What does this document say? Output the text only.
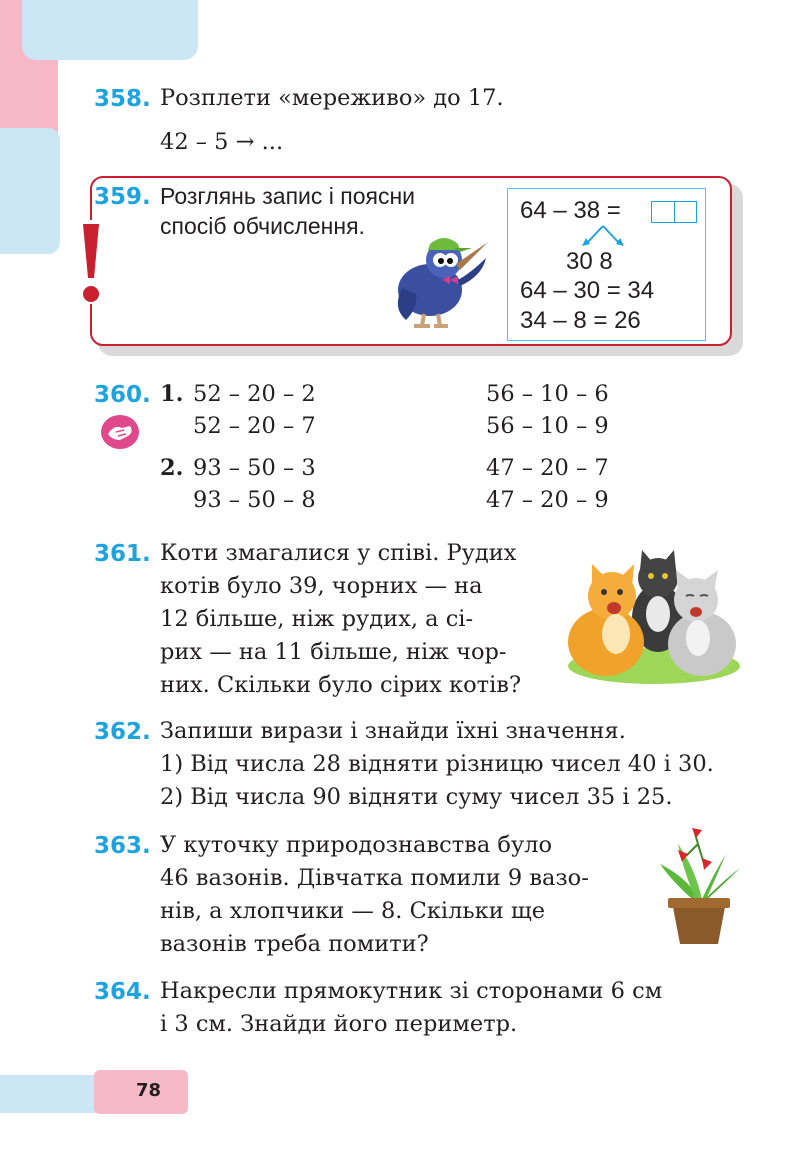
358. Розплети «мереживо» до 17.
42 – 5 → ...
359. Розглянь запис і поясни
спосіб обчислення.
64 – 38 =
30 8
64 – 30 = 34
34 – 8 = 26
360. 1.
2.
52 – 20 – 2	56 – 10 – 6
52 – 20 – 7	56 – 10 – 9
93 – 50 – 3	47 – 20 – 7
93 – 50 – 8	47 – 20 – 9
361. Коти змагалися у співі. Рудих
котів було 39, чорних — на
12 більше, ніж рудих, а сі-
рих — на 11 більше, ніж чор-
них. Скільки було сірих котів?
362. Запиши вирази і знайди їхні значення.
1) Від числа 28 відняти різницю чисел 40 і 30.
2) Від числа 90 відняти суму чисел 35 і 25.
363. У куточку природознавства було
46 вазонів. Дівчатка помили 9 вазо-
нів, а хлопчики — 8. Скільки ще
вазонів треба помити?
364. Накресли прямокутник зі сторонами 6 см
і 3 см. Знайди його периметр.
78
